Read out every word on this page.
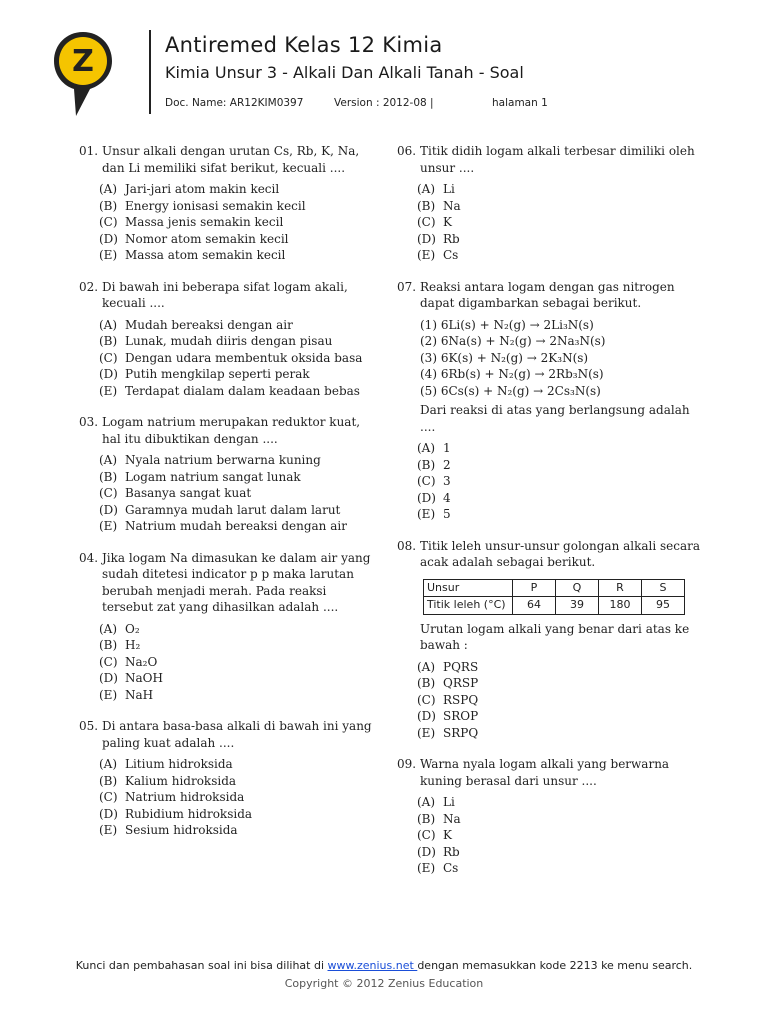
Z	Antiremed Kelas 12 Kimia
Kimia Unsur 3 - Alkali Dan Alkali Tanah - Soal
Doc. Name: AR12KIM0397	Version : 2012-08 |	halaman 1
01. Unsur alkali dengan urutan Cs, Rb, K, Na, dan Li memiliki sifat berikut, kecuali ....
(A) Jari-jari atom makin kecil
(B) Energy ionisasi semakin kecil
(C) Massa jenis semakin kecil
(D) Nomor atom semakin kecil
(E) Massa atom semakin kecil
02. Di bawah ini beberapa sifat logam akali, kecuali ....
(A) Mudah bereaksi dengan air
(B) Lunak, mudah diiris dengan pisau
(C) Dengan udara membentuk oksida basa
(D) Putih mengkilap seperti perak
(E) Terdapat dialam dalam keadaan bebas
03. Logam natrium merupakan reduktor kuat, hal itu dibuktikan dengan ....
(A) Nyala natrium berwarna kuning
(B) Logam natrium sangat lunak
(C) Basanya sangat kuat
(D) Garamnya mudah larut dalam larut
(E) Natrium mudah bereaksi dengan air
04. Jika logam Na dimasukan ke dalam air yang sudah ditetesi indicator p p maka larutan berubah menjadi merah. Pada reaksi tersebut zat yang dihasilkan adalah ....
(A) O₂
(B) H₂
(C) Na₂O
(D) NaOH
(E) NaH
05. Di antara basa-basa alkali di bawah ini yang paling kuat adalah ....
(A) Litium hidroksida
(B) Kalium hidroksida
(C) Natrium hidroksida
(D) Rubidium hidroksida
(E) Sesium hidroksida
06. Titik didih logam alkali terbesar dimiliki oleh unsur ....
(A) Li
(B) Na
(C) K
(D) Rb
(E) Cs
07. Reaksi antara logam dengan gas nitrogen dapat digambarkan sebagai berikut.
(1) 6Li(s) + N₂(g) → 2Li₃N(s)
(2) 6Na(s) + N₂(g) → 2Na₃N(s)
(3) 6K(s) + N₂(g) → 2K₃N(s)
(4) 6Rb(s) + N₂(g) → 2Rb₃N(s)
(5) 6Cs(s) + N₂(g) → 2Cs₃N(s)
Dari reaksi di atas yang berlangsung adalah ....
(A) 1
(B) 2
(C) 3
(D) 4
(E) 5
08. Titik leleh unsur-unsur golongan alkali secara acak adalah sebagai berikut.
Unsur	P	Q	R	S
Titik leleh (°C)	64	39	180	95
Urutan logam alkali yang benar dari atas ke bawah :
(A) PQRS
(B) QRSP
(C) RSPQ
(D) SROP
(E) SRPQ
09. Warna nyala logam alkali yang berwarna kuning berasal dari unsur ....
(A) Li
(B) Na
(C) K
(D) Rb
(E) Cs
Kunci dan pembahasan soal ini bisa dilihat di www.zenius.net dengan memasukkan kode 2213 ke menu search.
Copyright © 2012 Zenius Education
